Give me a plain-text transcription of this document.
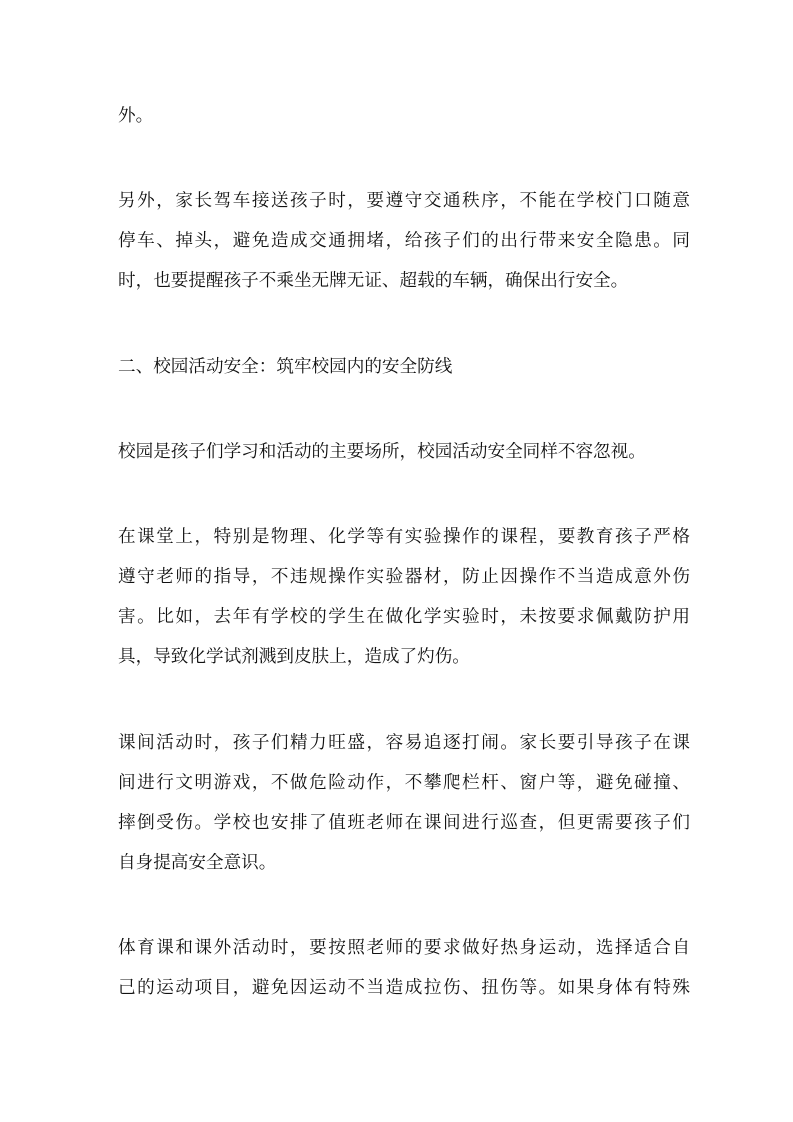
外。
另外，家长驾车接送孩子时，要遵守交通秩序，不能在学校门口随意
停车、掉头，避免造成交通拥堵，给孩子们的出行带来安全隐患。同
时，也要提醒孩子不乘坐无牌无证、超载的车辆，确保出行安全。
二、校园活动安全：筑牢校园内的安全防线
校园是孩子们学习和活动的主要场所，校园活动安全同样不容忽视。
在课堂上，特别是物理、化学等有实验操作的课程，要教育孩子严格
遵守老师的指导，不违规操作实验器材，防止因操作不当造成意外伤
害。比如，去年有学校的学生在做化学实验时，未按要求佩戴防护用
具，导致化学试剂溅到皮肤上，造成了灼伤。
课间活动时，孩子们精力旺盛，容易追逐打闹。家长要引导孩子在课
间进行文明游戏，不做危险动作，不攀爬栏杆、窗户等，避免碰撞、
摔倒受伤。学校也安排了值班老师在课间进行巡查，但更需要孩子们
自身提高安全意识。
体育课和课外活动时，要按照老师的要求做好热身运动，选择适合自
己的运动项目，避免因运动不当造成拉伤、扭伤等。如果身体有特殊
